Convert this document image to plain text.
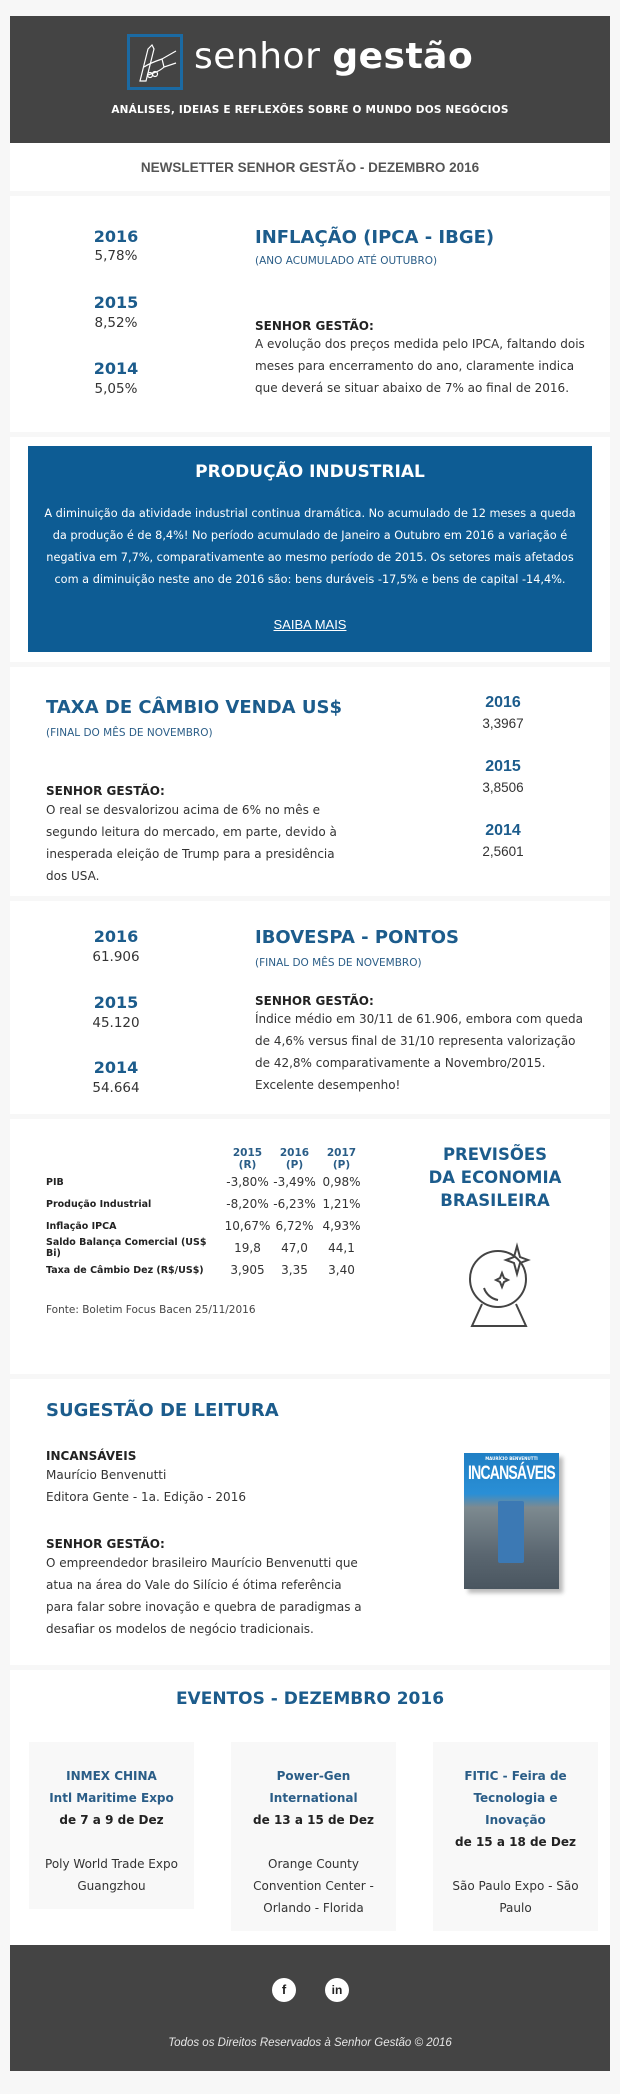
senhor gestão
ANÁLISES, IDEIAS E REFLEXÕES SOBRE O MUNDO DOS NEGÓCIOS
NEWSLETTER SENHOR GESTÃO - DEZEMBRO 2016
2016
5,78%
2015
8,52%
2014
5,05%
INFLAÇÃO (IPCA - IBGE)
(ANO ACUMULADO ATÉ OUTUBRO)
SENHOR GESTÃO:
A evolução dos preços medida pelo IPCA, faltando dois meses para encerramento do ano, claramente indica que deverá se situar abaixo de 7% ao final de 2016.
PRODUÇÃO INDUSTRIAL
A diminuição da atividade industrial continua dramática. No acumulado de 12 meses a queda da produção é de 8,4%! No período acumulado de Janeiro a Outubro em 2016 a variação é negativa em 7,7%, comparativamente ao mesmo período de 2015. Os setores mais afetados com a diminuição neste ano de 2016 são: bens duráveis -17,5% e bens de capital -14,4%.
SAIBA MAIS
TAXA DE CÂMBIO VENDA US$
(FINAL DO MÊS DE NOVEMBRO)
SENHOR GESTÃO:
O real se desvalorizou acima de 6% no mês e segundo leitura do mercado, em parte, devido à inesperada eleição de Trump para a presidência dos USA.
2016
3,3967
2015
3,8506
2014
2,5601
2016
61.906
2015
45.120
2014
54.664
IBOVESPA - PONTOS
(FINAL DO MÊS DE NOVEMBRO)
SENHOR GESTÃO:
Índice médio em 30/11 de 61.906, embora com queda de 4,6% versus final de 31/10 representa valorização de 42,8% comparativamente a Novembro/2015. Excelente desempenho!
	2015 (R)	2016 (P)	2017 (P)
PIB	-3,80%	-3,49%	0,98%
Produção Industrial	-8,20%	-6,23%	1,21%
Inflação IPCA	10,67%	6,72%	4,93%
Saldo Balança Comercial (US$ Bi)	19,8	47,0	44,1
Taxa de Câmbio Dez (R$/US$)	3,905	3,35	3,40
Fonte: Boletim Focus Bacen 25/11/2016
PREVISÕES
DA ECONOMIA
BRASILEIRA
SUGESTÃO DE LEITURA
INCANSÁVEIS
Maurício Benvenutti
Editora Gente - 1a. Edição - 2016
SENHOR GESTÃO:
O empreendedor brasileiro Maurício Benvenutti que atua na área do Vale do Silício é ótima referência para falar sobre inovação e quebra de paradigmas a desafiar os modelos de negócio tradicionais.
MAURÍCIO BENVENUTTI
INCANSÁVEIS
EVENTOS - DEZEMBRO 2016
INMEX CHINA
Intl Maritime Expo
de 7 a 9 de Dez
Poly World Trade Expo
Guangzhou
Power-Gen
International
de 13 a 15 de Dez
Orange County
Convention Center -
Orlando - Florida
FITIC - Feira de
Tecnologia e
Inovação
de 15 a 18 de Dez
São Paulo Expo - São
Paulo
f	in
Todos os Direitos Reservados à Senhor Gestão © 2016
